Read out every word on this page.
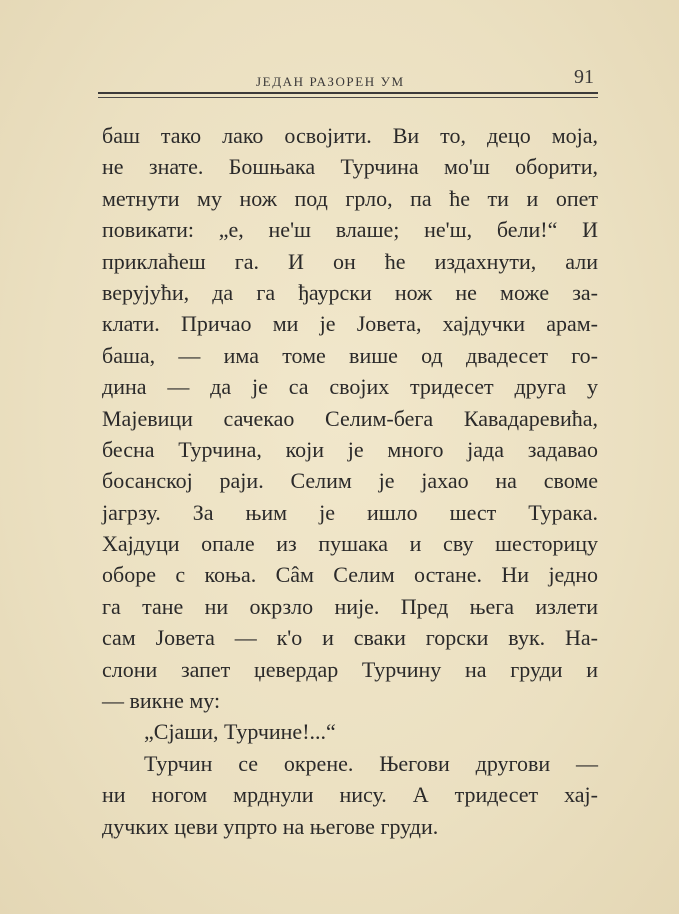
ЈЕДАН РАЗОРЕН УМ	91
баш тако лако освојити. Ви то, децо моја,
не знате. Бошњака Турчина мо'ш оборити,
метнути му нож под грло, па ће ти и опет
повикати: „е, не'ш влаше; не'ш, бели!“ И
приклаћеш га. И он ће издахнути, али
верујући, да га ђаурски нож не може за-
клати. Причао ми је Јовета, хајдучки арам-
баша, — има томе више од двадесет го-
дина — да је са својих тридесет друга у
Мајевици сачекао Селим-бега Кавадаревића,
бесна Турчина, који је много јада задавао
босанској раји. Селим је јахао на своме
јагрзу. За њим је ишло шест Турака.
Хајдуци опале из пушака и сву шесторицу
оборе с коња. Сâм Селим остане. Ни једно
га тане ни окрзло није. Пред њега излети
сам Јовета — к'о и сваки горски вук. На-
слони запет џевердар Турчину на груди и
— викне му:
„Сјаши, Турчине!...“
Турчин се окрене. Његови другови —
ни ногом мрднули нису. А тридесет хај-
дучких цеви упрто на његове груди.
